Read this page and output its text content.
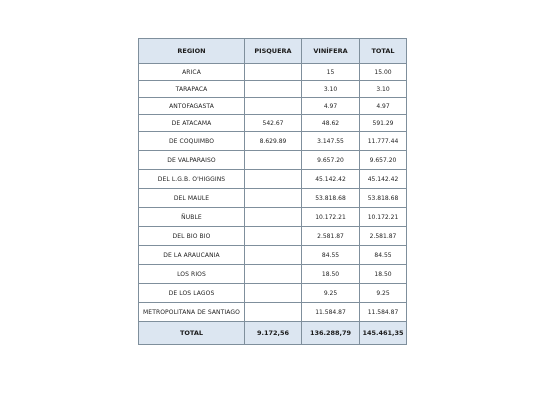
REGION	PISQUERA	VINÍFERA	TOTAL
ARICA		15	15.00
TARAPACA		3.10	3.10
ANTOFAGASTA		4.97	4.97
DE ATACAMA	542.67	48.62	591.29
DE COQUIMBO	8.629.89	3.147.55	11.777.44
DE VALPARAISO		9.657.20	9.657.20
DEL L.G.B. O'HIGGINS		45.142.42	45.142.42
DEL MAULE		53.818.68	53.818.68
ÑUBLE		10.172.21	10.172.21
DEL BIO BIO		2.581.87	2.581.87
DE LA ARAUCANIA		84.55	84.55
LOS RIOS		18.50	18.50
DE LOS LAGOS		9.25	9.25
METROPOLITANA DE SANTIAGO		11.584.87	11.584.87
TOTAL	9.172,56	136.288,79	145.461,35
